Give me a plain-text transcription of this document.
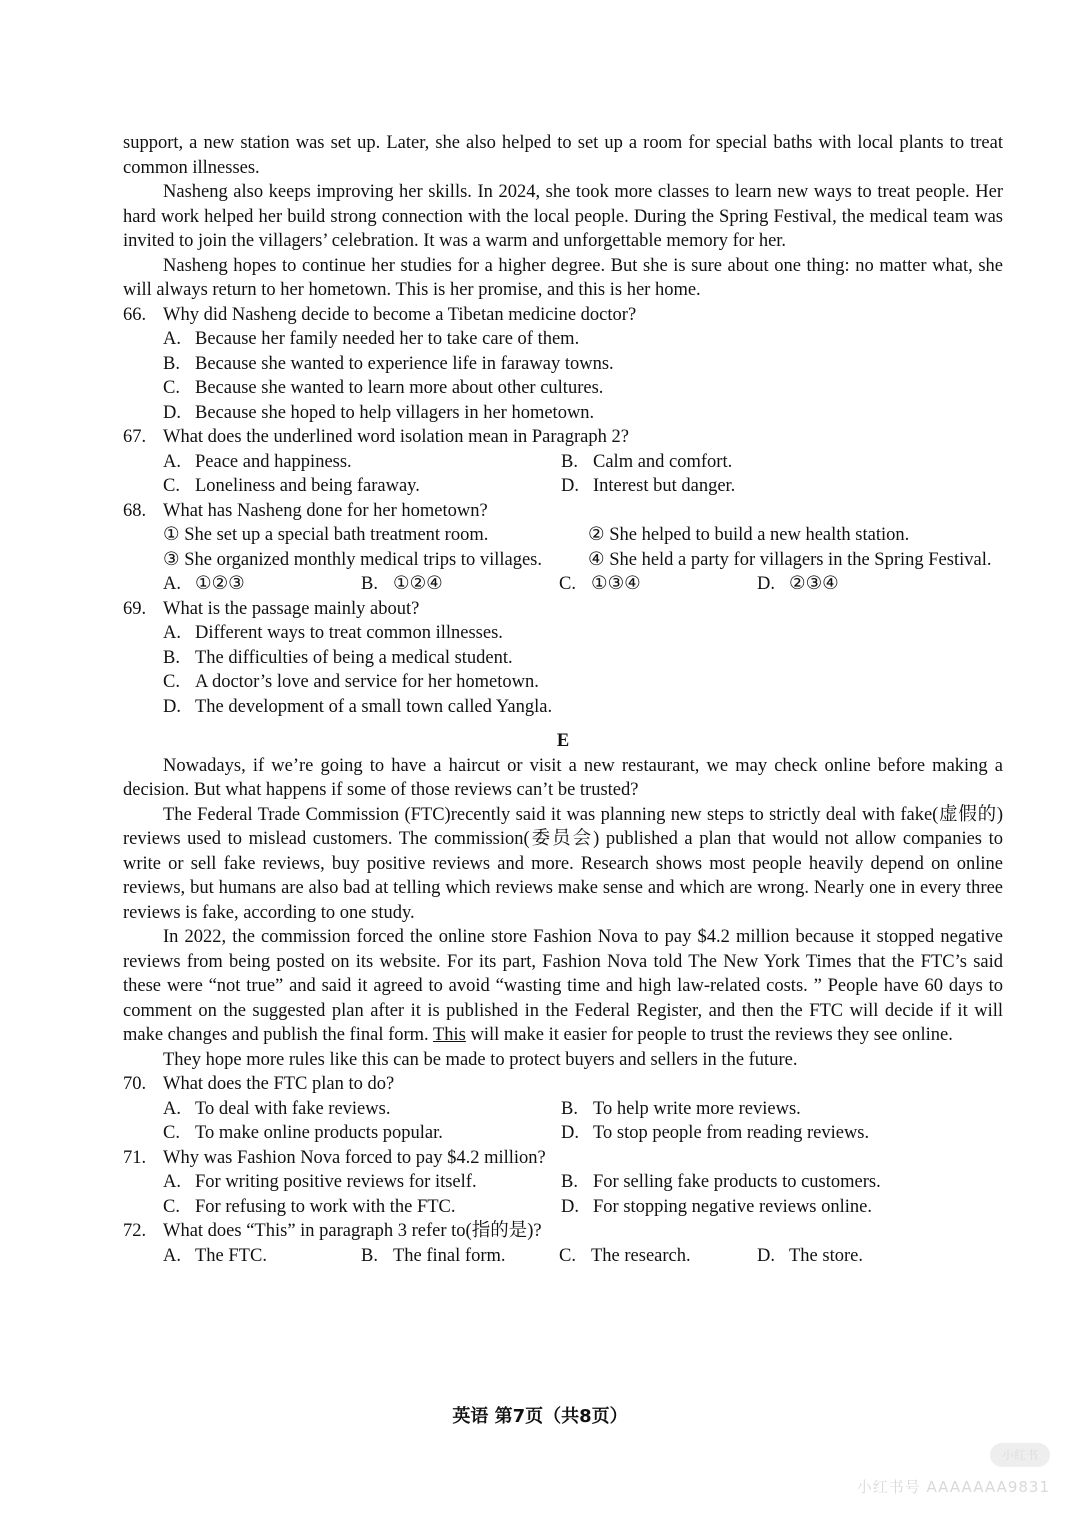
support, a new station was set up. Later, she also helped to set up a room for special baths with local plants to treat common illnesses.

Nasheng also keeps improving her skills. In 2024, she took more classes to learn new ways to treat people. Her hard work helped her build strong connection with the local people. During the Spring Festival, the medical team was invited to join the villagers’ celebration. It was a warm and unforgettable memory for her.

Nasheng hopes to continue her studies for a higher degree. But she is sure about one thing: no matter what, she will always return to her hometown. This is her promise, and this is her home.

66. Why did Nasheng decide to become a Tibetan medicine doctor?
A. Because her family needed her to take care of them.
B. Because she wanted to experience life in faraway towns.
C. Because she wanted to learn more about other cultures.
D. Because she hoped to help villagers in her hometown.
67. What does the underlined word isolation mean in Paragraph 2?
A. Peace and happiness.	B. Calm and comfort.
C. Loneliness and being faraway.	D. Interest but danger.
68. What has Nasheng done for her hometown?
① She set up a special bath treatment room.	② She helped to build a new health station.
③ She organized monthly medical trips to villages.	④ She held a party for villagers in the Spring Festival.
A. ①②③	B. ①②④	C. ①③④	D. ②③④
69. What is the passage mainly about?
A. Different ways to treat common illnesses.
B. The difficulties of being a medical student.
C. A doctor’s love and service for her hometown.
D. The development of a small town called Yangla.
E

Nowadays, if we’re going to have a haircut or visit a new restaurant, we may check online before making a decision. But what happens if some of those reviews can’t be trusted?

The Federal Trade Commission (FTC)recently said it was planning new steps to strictly deal with fake(虚假的) reviews used to mislead customers. The commission(委员会) published a plan that would not allow companies to write or sell fake reviews, buy positive reviews and more. Research shows most people heavily depend on online reviews, but humans are also bad at telling which reviews make sense and which are wrong. Nearly one in every three reviews is fake, according to one study.

In 2022, the commission forced the online store Fashion Nova to pay $4.2 million because it stopped negative reviews from being posted on its website. For its part, Fashion Nova told The New York Times that the FTC’s said these were “not true” and said it agreed to avoid “wasting time and high law-related costs. ” People have 60 days to comment on the suggested plan after it is published in the Federal Register, and then the FTC will decide if it will make changes and publish the final form. This will make it easier for people to trust the reviews they see online.

They hope more rules like this can be made to protect buyers and sellers in the future.

70. What does the FTC plan to do?
A. To deal with fake reviews.	B. To help write more reviews.
C. To make online products popular.	D. To stop people from reading reviews.
71. Why was Fashion Nova forced to pay $4.2 million?
A. For writing positive reviews for itself.	B. For selling fake products to customers.
C. For refusing to work with the FTC.	D. For stopping negative reviews online.
72. What does “This” in paragraph 3 refer to(指的是)?
A. The FTC.	B. The final form.	C. The research.	D. The store.
英语 第7页（共8页）
小红书
小红书号 AAAAAAA9831
